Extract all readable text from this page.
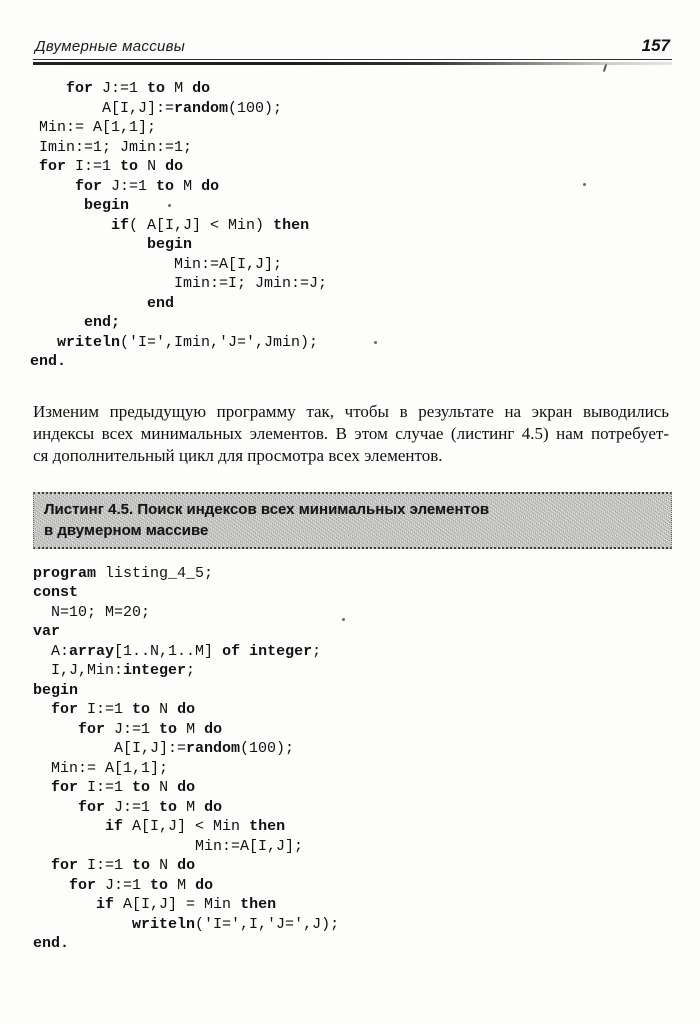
Двумерные массивы	157
for J:=1 to M do
A[I,J]:=random(100);
Min:= A[1,1];
Imin:=1; Jmin:=1;
for I:=1 to N do
for J:=1 to M do
begin
if( A[I,J] < Min) then
begin
Min:=A[I,J];
Imin:=I; Jmin:=J;
end
end;
writeln('I=',Imin,'J=',Jmin);
end.
Изменим предыдущую программу так, чтобы в результате на экран выводились
индексы всех минимальных элементов. В этом случае (листинг 4.5) нам потребует-
ся дополнительный цикл для просмотра всех элементов.
Листинг 4.5. Поиск индексов всех минимальных элементов
в двумерном массиве
program listing_4_5;
const
N=10; M=20;
var
A:array[1..N,1..M] of integer;
I,J,Min:integer;
begin
for I:=1 to N do
for J:=1 to M do
A[I,J]:=random(100);
Min:= A[1,1];
for I:=1 to N do
for J:=1 to M do
if A[I,J] < Min then
Min:=A[I,J];
for I:=1 to N do
for J:=1 to M do
if A[I,J] = Min then
writeln('I=',I,'J=',J);
end.
